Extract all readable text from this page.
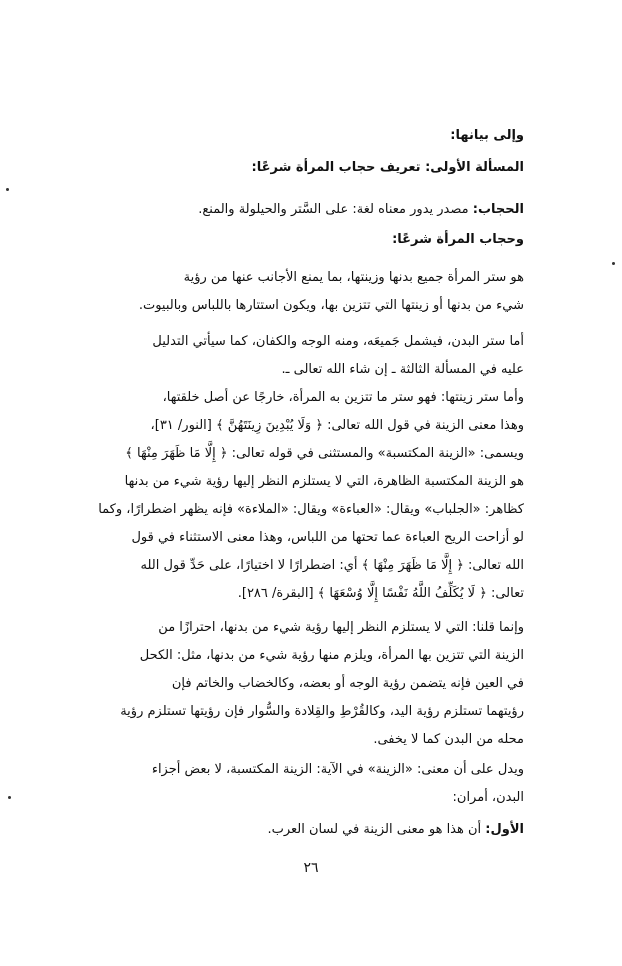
وإلى بيانها:
المسألة الأولى: تعريف حجاب المرأة شرعًا:
الحجاب: مصدر يدور معناه لغة: على السَّتر والحيلولة والمنع.
وحجاب المرأة شرعًا:
هو ستر المرأة جميع بدنها وزينتها، بما يمنع الأجانب عنها من رؤية
شيء من بدنها أو زينتها التي تتزين بها، ويكون استتارها باللباس وبالبيوت.
أما ستر البدن، فيشمل جَميعَه، ومنه الوجه والكفان، كما سيأتي التدليل
عليه في المسألة الثالثة ـ إن شاء الله تعالى ـ.
وأما ستر زينتها: فهو ستر ما تتزين به المرأة، خارجًا عن أصل خلقتها،
وهذا معنى الزينة في قول الله تعالى: ﴿ وَلَا يُبْدِينَ زِينَتَهُنَّ ﴾ [النور/ ٣١]،
ويسمى: «الزينة المكتسبة» والمستثنى في قوله تعالى: ﴿ إِلَّا مَا ظَهَرَ مِنْهَا ﴾
هو الزينة المكتسبة الظاهرة، التي لا يستلزم النظر إليها رؤية شيء من بدنها
كظاهر: «الجلباب» ويقال: «العباءة» ويقال: «الملاءة» فإنه يظهر اضطرارًا، وكما
لو أزاحت الريح العباءة عما تحتها من اللباس، وهذا معنى الاستثناء في قول
الله تعالى: ﴿ إِلَّا مَا ظَهَرَ مِنْهَا ﴾ أي: اضطرارًا لا اختيارًا، على حَدِّ قول الله
تعالى: ﴿ لَا يُكَلِّفُ اللَّهُ نَفْسًا إِلَّا وُسْعَهَا ﴾ [البقرة/ ٢٨٦].
وإنما قلنا: التي لا يستلزم النظر إليها رؤية شيء من بدنها، احترازًا من
الزينة التي تتزين بها المرأة، ويلزم منها رؤية شيء من بدنها، مثل: الكحل
في العين فإنه يتضمن رؤية الوجه أو بعضه، وكالخضاب والخاتم فإن
رؤيتهما تستلزم رؤية اليد، وكالقُرْطِ والقِلادة والسُّوار فإن رؤيتها تستلزم رؤية
محله من البدن كما لا يخفى.
ويدل على أن معنى: «الزينة» في الآية: الزينة المكتسبة، لا بعض أجزاء
البدن، أمران:
الأول: أن هذا هو معنى الزينة في لسان العرب.
٢٦
